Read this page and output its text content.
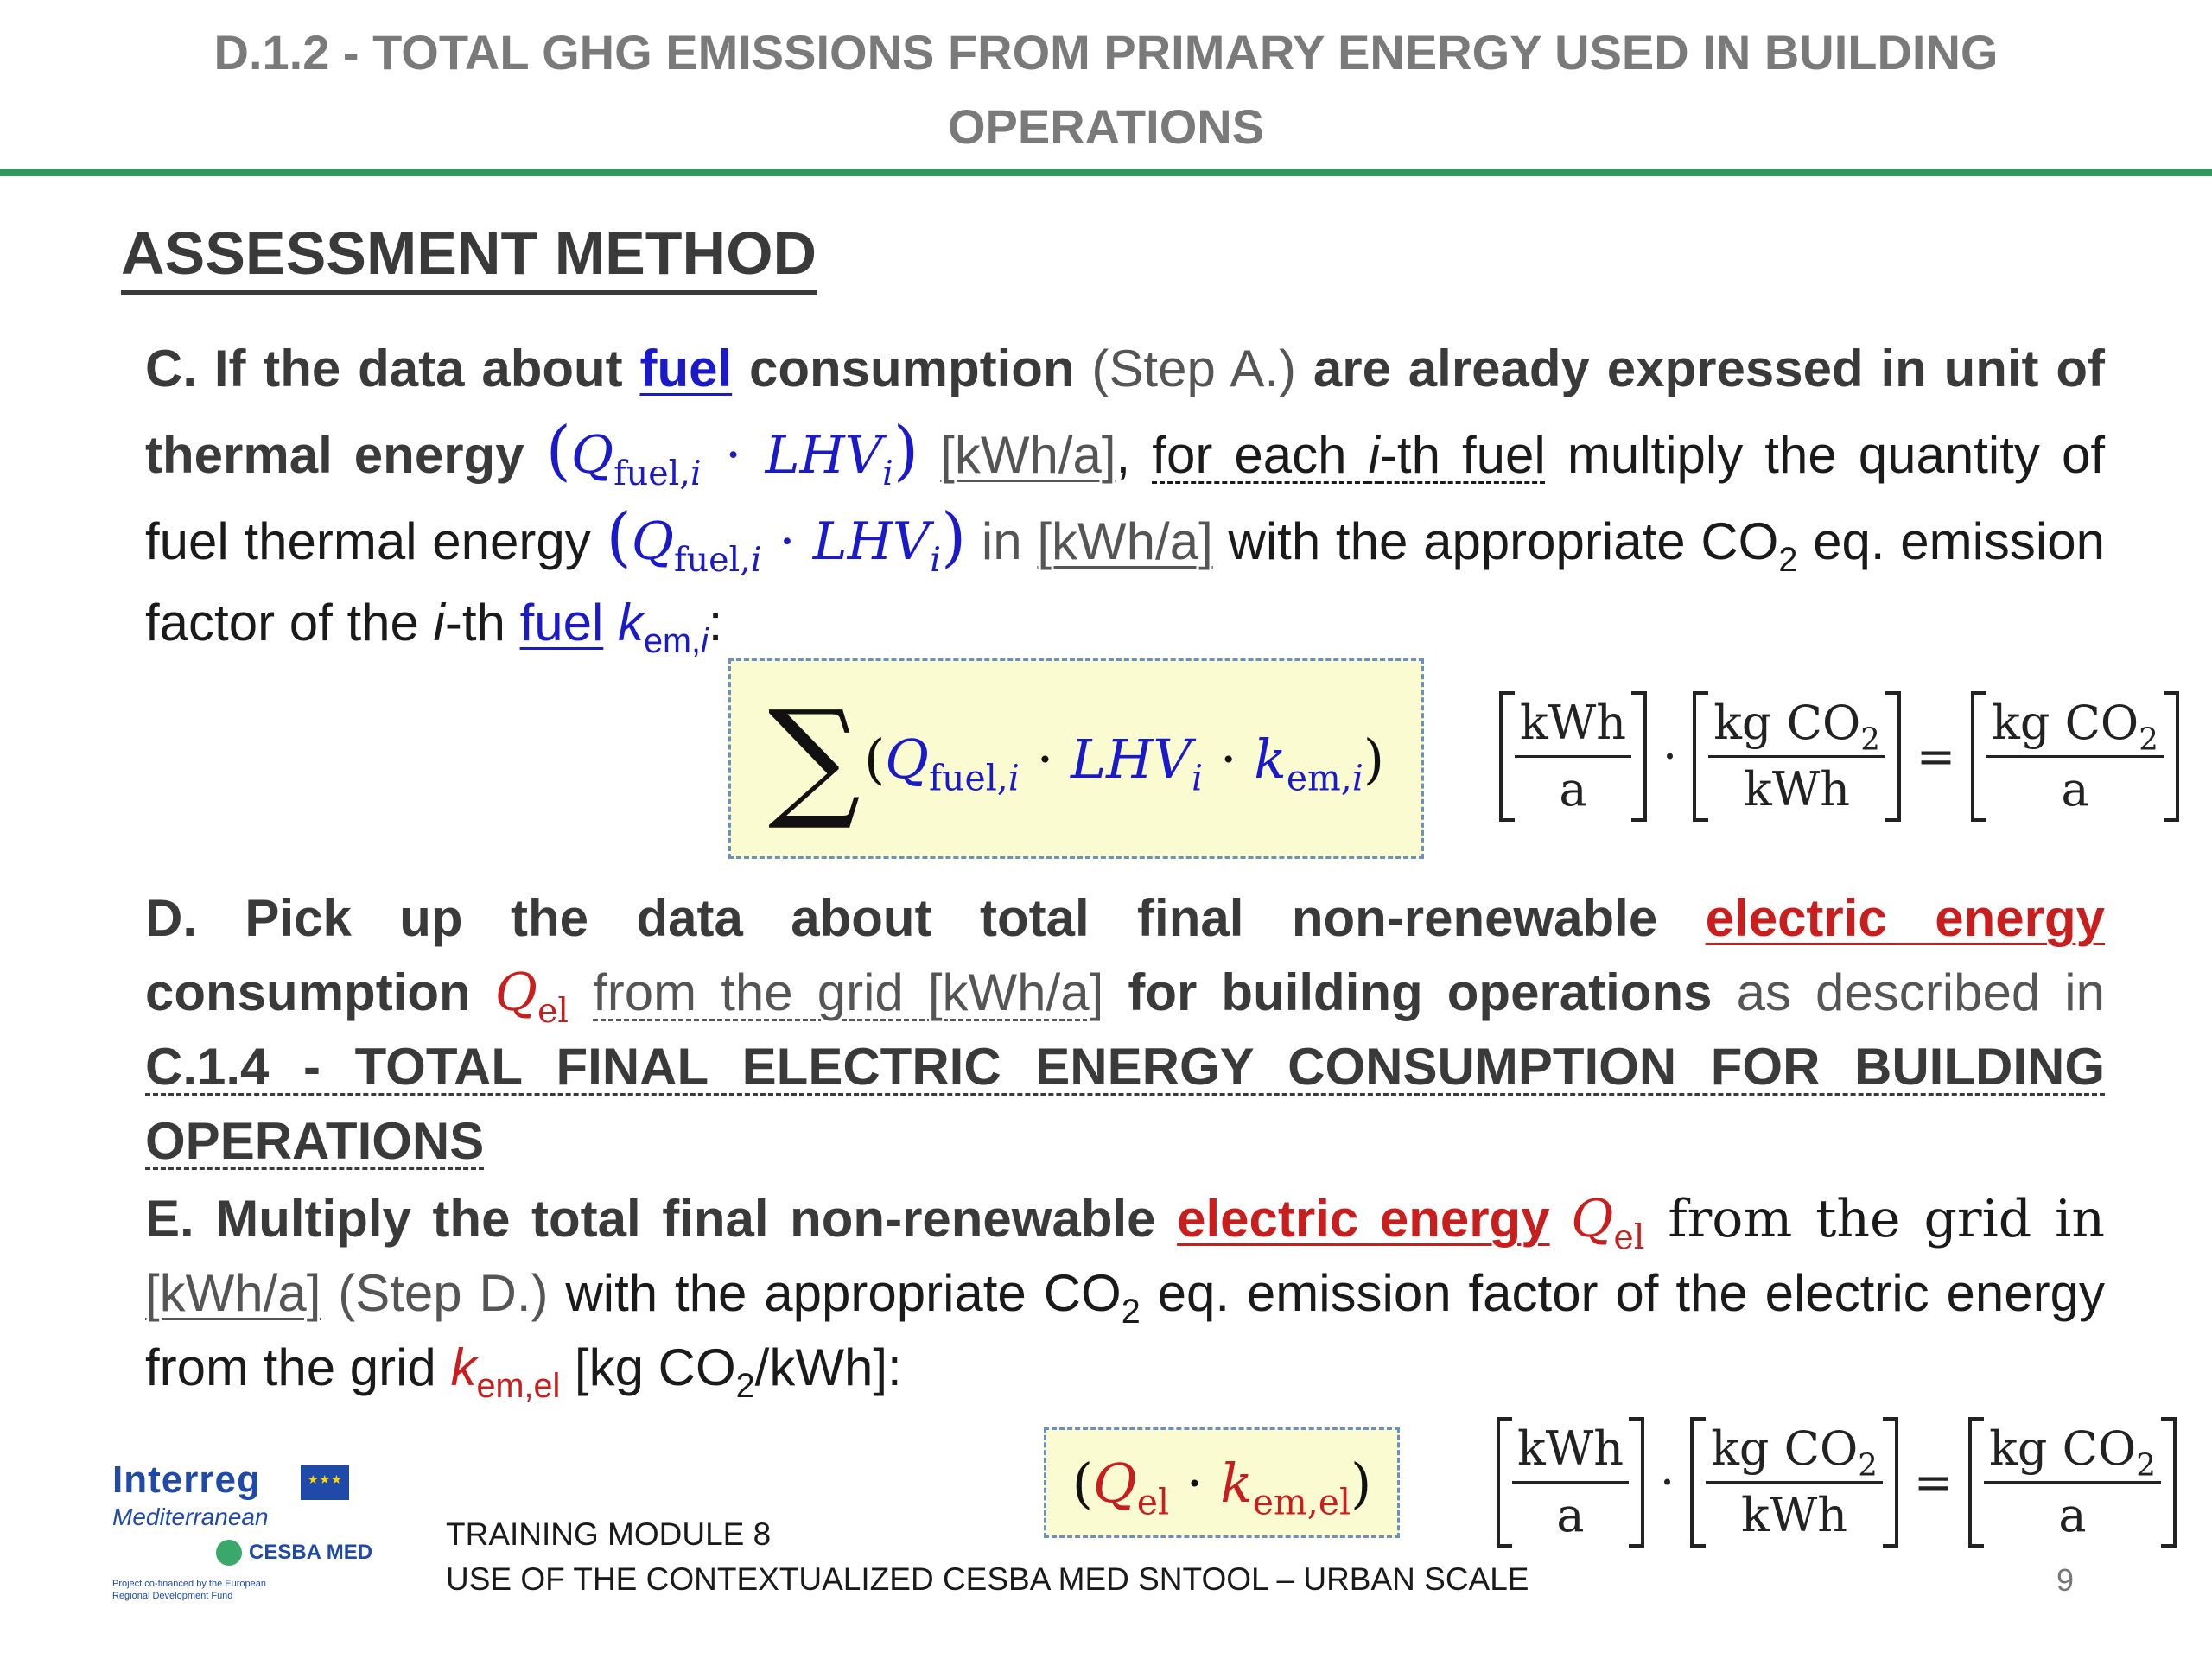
D.1.2 - TOTAL GHG EMISSIONS FROM PRIMARY ENERGY USED IN BUILDING
OPERATIONS
ASSESSMENT METHOD

C. If the data about fuel consumption (Step A.) are already expressed in unit of thermal energy $(Q_{fuel,i} \cdot LHV_i)$ [kWh/a], for each i-th fuel multiply the quantity of fuel thermal energy $(Q_{fuel,i} \cdot LHV_i)$ in [kWh/a] with the appropriate $CO_2$ eq. emission factor of the i-th fuel $k_{em,i}$:

∑ $(Q_{fuel,i} \cdot LHV_i \cdot k_{em,i})$
kWh
a
·
kg $CO_2$
kWh
= $\frac{kg CO_2}{a}$

D. Pick up the data about total final non-renewable electric energy consumption $Q_{el}$ from the grid [kWh/a] for building operations as described in C.1.4 - TOTAL FINAL ELECTRIC ENERGY CONSUMPTION FOR BUILDING OPERATIONS

E. Multiply the total final non-renewable electric energy $Q_{el}$ from the grid in [kWh/a] (Step D.) with the appropriate $CO_2$ eq. emission factor of the electric energy from the grid $k_{em,el}$ [kg $CO_2/kWh$]:

$(Q_{el} \cdot k_{em,el})$
kWh
a
·
kg $CO_2$
kWh
= $\frac{kg CO_2}{a}$
★★★
Interreg
Mediterranean
CESBA MED
Project co-financed by the European Regional Development Fund
TRAINING MODULE 8
USE OF THE CONTEXTUALIZED CESBA MED SNTOOL – URBAN SCALE	9
